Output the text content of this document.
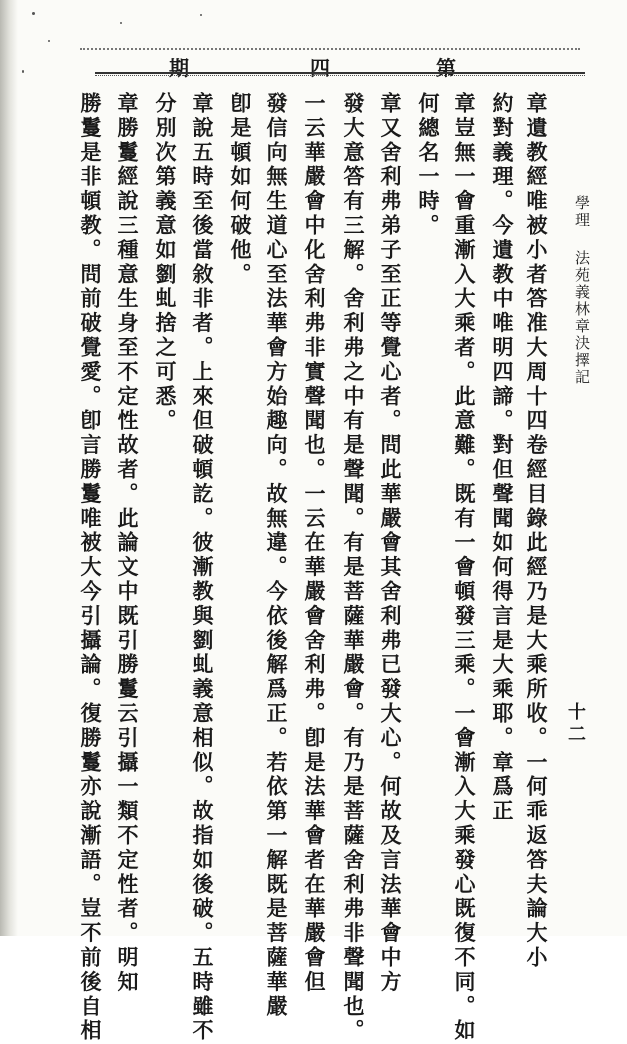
期	四	第
學理
法苑義林章決擇記
十二
章遺教經唯被小者答准大周十四卷經目錄此經乃是大乘所收。一何乖返答夫論大小
約對義理。今遺教中唯明四諦。對但聲聞如何得言是大乘耶。章爲正
章豈無一會重漸入大乘者。此意難。既有一會頓發三乘。一會漸入大乘發心既復不同。如
何總名一時。
章又舍利弗弟子至正等覺心者。問此華嚴會其舍利弗已發大心。何故及言法華會中方
發大意答有三解。舍利弗之中有是聲聞。有是菩薩華嚴會。有乃是菩薩舍利弗非聲聞也。
一云華嚴會中化舍利弗非實聲聞也。一云在華嚴會舍利弗。卽是法華會者在華嚴會但
發信向無生道心至法華會方始趣向。故無違。今依後解爲正。若依第一解既是菩薩華嚴
卽是頓如何破他。
章說五時至後當敘非者。上來但破頓訖。彼漸教與劉虬義意相似。故指如後破。五時雖不
分別次第義意如劉虬捨之可悉。
章勝鬘經說三種意生身至不定性故者。此論文中既引勝鬘云引攝一類不定性者。明知
勝鬘是非頓教。問前破覺愛。卽言勝鬘唯被大今引攝論。復勝鬘亦說漸語。豈不前後自相
